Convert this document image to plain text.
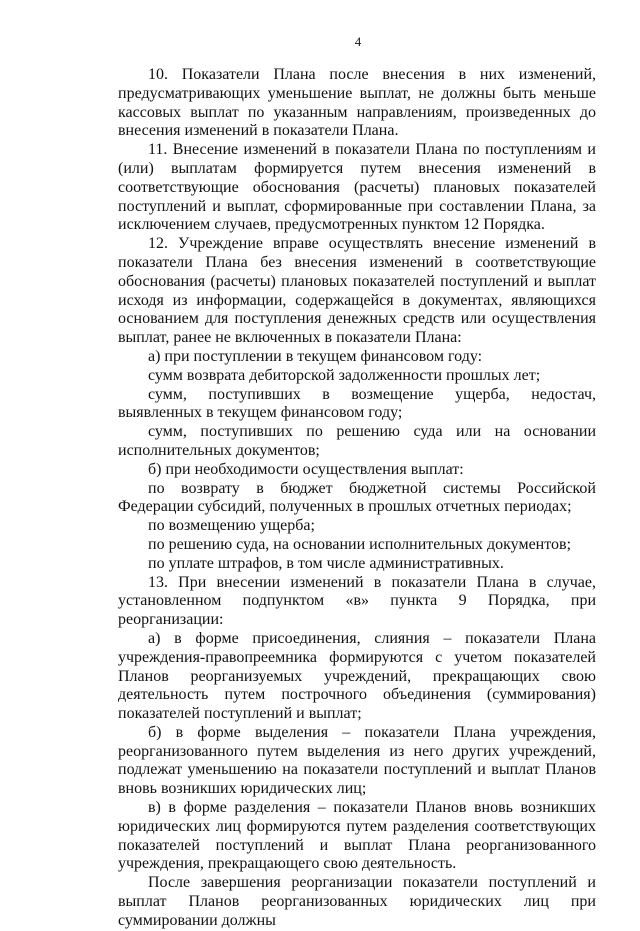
4

10. Показатели Плана после внесения в них изменений, предусматривающих уменьшение выплат, не должны быть меньше кассовых выплат по указанным направлениям, произведенных до внесения изменений в показатели Плана.

11. Внесение изменений в показатели Плана по поступлениям и (или) выплатам формируется путем внесения изменений в соответствующие обоснования (расчеты) плановых показателей поступлений и выплат, сформированные при составлении Плана, за исключением случаев, предусмотренных пунктом 12 Порядка.

12. Учреждение вправе осуществлять внесение изменений в показатели Плана без внесения изменений в соответствующие обоснования (расчеты) плановых показателей поступлений и выплат исходя из информации, содержащейся в документах, являющихся основанием для поступления денежных средств или осуществления выплат, ранее не включенных в показатели Плана:

а) при поступлении в текущем финансовом году:

сумм возврата дебиторской задолженности прошлых лет;

сумм, поступивших в возмещение ущерба, недостач, выявленных в текущем финансовом году;

сумм, поступивших по решению суда или на основании исполнительных документов;

б) при необходимости осуществления выплат:

по возврату в бюджет бюджетной системы Российской Федерации субсидий, полученных в прошлых отчетных периодах;

по возмещению ущерба;

по решению суда, на основании исполнительных документов;

по уплате штрафов, в том числе административных.

13. При внесении изменений в показатели Плана в случае, установленном подпунктом «в» пункта 9 Порядка, при реорганизации:

а) в форме присоединения, слияния – показатели Плана учреждения-правопреемника формируются с учетом показателей Планов реорганизуемых учреждений, прекращающих свою деятельность путем построчного объединения (суммирования) показателей поступлений и выплат;

б) в форме выделения – показатели Плана учреждения, реорганизованного путем выделения из него других учреждений, подлежат уменьшению на показатели поступлений и выплат Планов вновь возникших юридических лиц;

в) в форме разделения – показатели Планов вновь возникших юридических лиц формируются путем разделения соответствующих показателей поступлений и выплат Плана реорганизованного учреждения, прекращающего свою деятельность.

После завершения реорганизации показатели поступлений и выплат Планов реорганизованных юридических лиц при суммировании должны
